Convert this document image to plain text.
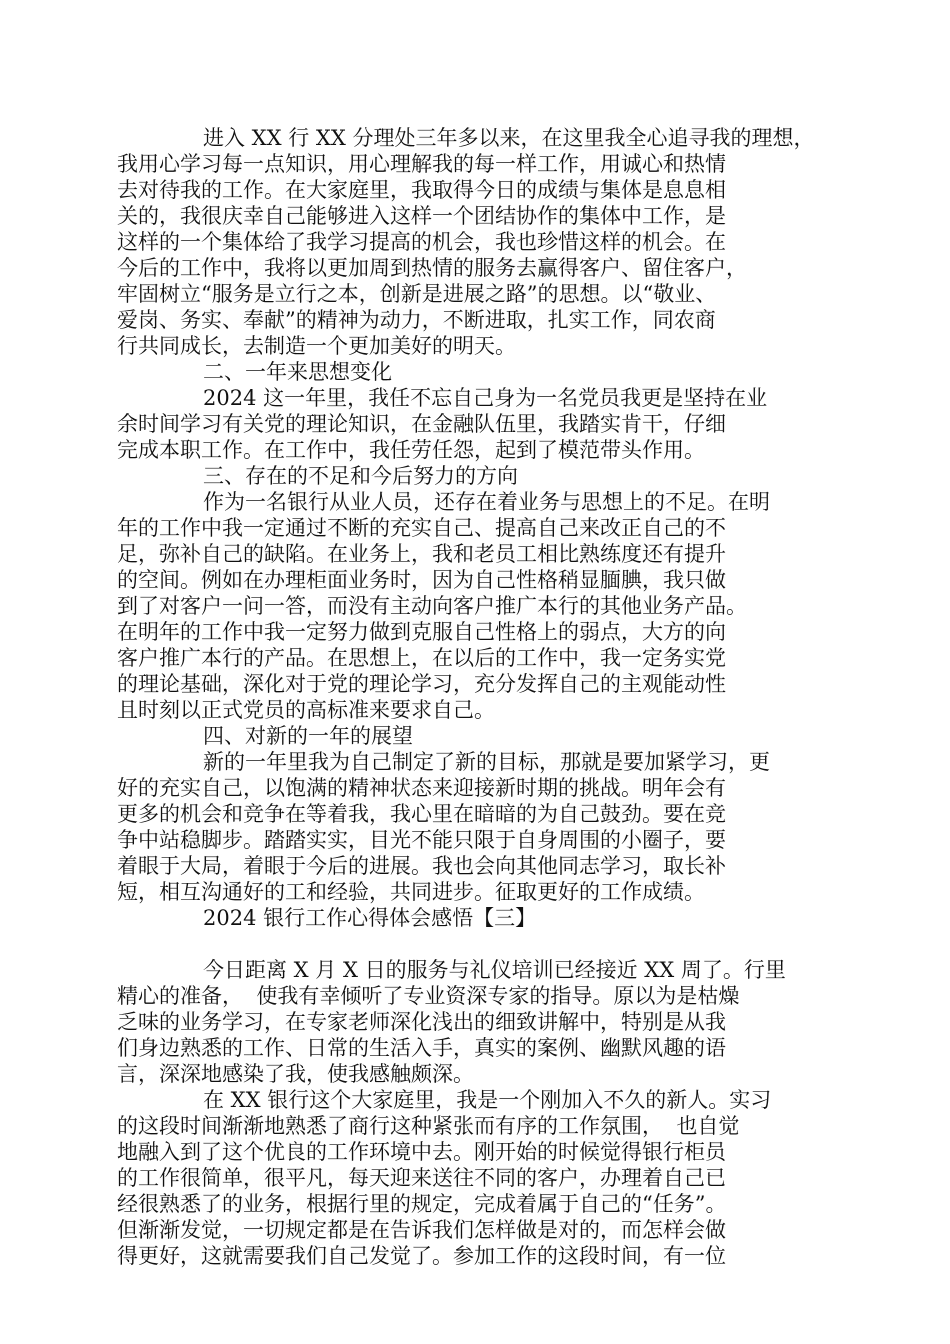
进入 XX 行 XX 分理处三年多以来，在这里我全心追寻我的理想，
我用心学习每一点知识，用心理解我的每一样工作，用诚心和热情
去对待我的工作。在大家庭里，我取得今日的成绩与集体是息息相
关的，我很庆幸自己能够进入这样一个团结协作的集体中工作，是
这样的一个集体给了我学习提高的机会，我也珍惜这样的机会。在
今后的工作中，我将以更加周到热情的服务去赢得客户、留住客户，
牢固树立“服务是立行之本，创新是进展之路”的思想。以“敬业、
爱岗、务实、奉献”的精神为动力，不断进取，扎实工作，同农商
行共同成长，去制造一个更加美好的明天。
二、一年来思想变化
2024 这一年里，我任不忘自己身为一名党员我更是坚持在业
余时间学习有关党的理论知识，在金融队伍里，我踏实肯干，仔细
完成本职工作。在工作中，我任劳任怨，起到了模范带头作用。
三、存在的不足和今后努力的方向
作为一名银行从业人员，还存在着业务与思想上的不足。在明
年的工作中我一定通过不断的充实自己、提高自己来改正自己的不
足，弥补自己的缺陷。在业务上，我和老员工相比熟练度还有提升
的空间。例如在办理柜面业务时，因为自己性格稍显腼腆，我只做
到了对客户一问一答，而没有主动向客户推广本行的其他业务产品。
在明年的工作中我一定努力做到克服自己性格上的弱点，大方的向
客户推广本行的产品。在思想上，在以后的工作中，我一定务实党
的理论基础，深化对于党的理论学习，充分发挥自己的主观能动性
且时刻以正式党员的高标准来要求自己。
四、对新的一年的展望
新的一年里我为自己制定了新的目标，那就是要加紧学习，更
好的充实自己，以饱满的精神状态来迎接新时期的挑战。明年会有
更多的机会和竞争在等着我，我心里在暗暗的为自己鼓劲。要在竞
争中站稳脚步。踏踏实实，目光不能只限于自身周围的小圈子，要
着眼于大局，着眼于今后的进展。我也会向其他同志学习，取长补
短，相互沟通好的工和经验，共同进步。征取更好的工作成绩。
2024 银行工作心得体会感悟【三】
今日距离 X 月 X 日的服务与礼仪培训已经接近 XX 周了。行里
精心的准备，  使我有幸倾听了专业资深专家的指导。原以为是枯燥
乏味的业务学习，在专家老师深化浅出的细致讲解中，特别是从我
们身边熟悉的工作、日常的生活入手，真实的案例、幽默风趣的语
言，深深地感染了我，使我感触颇深。
在 XX 银行这个大家庭里，我是一个刚加入不久的新人。实习
的这段时间渐渐地熟悉了商行这种紧张而有序的工作氛围，  也自觉
地融入到了这个优良的工作环境中去。刚开始的时候觉得银行柜员
的工作很简单，很平凡，每天迎来送往不同的客户，办理着自己已
经很熟悉了的业务，根据行里的规定，完成着属于自己的“任务”。
但渐渐发觉，一切规定都是在告诉我们怎样做是对的，而怎样会做
得更好，这就需要我们自己发觉了。参加工作的这段时间，有一位
